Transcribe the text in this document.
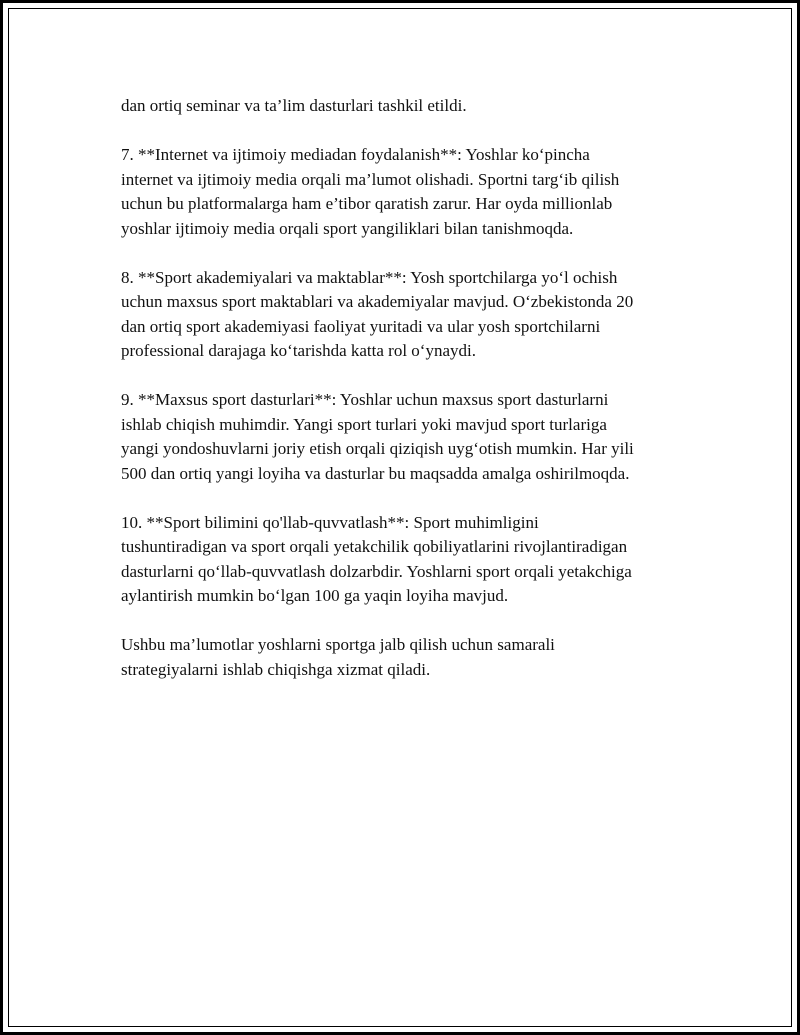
dan ortiq seminar va ta’lim dasturlari tashkil etildi.

7. **Internet va ijtimoiy mediadan foydalanish**: Yoshlar ko‘pincha
internet va ijtimoiy media orqali ma’lumot olishadi. Sportni targ‘ib qilish
uchun bu platformalarga ham e’tibor qaratish zarur. Har oyda millionlab
yoshlar ijtimoiy media orqali sport yangiliklari bilan tanishmoqda.

8. **Sport akademiyalari va maktablar**: Yosh sportchilarga yo‘l ochish
uchun maxsus sport maktablari va akademiyalar mavjud. O‘zbekistonda 20
dan ortiq sport akademiyasi faoliyat yuritadi va ular yosh sportchilarni
professional darajaga ko‘tarishda katta rol o‘ynaydi.

9. **Maxsus sport dasturlari**: Yoshlar uchun maxsus sport dasturlarni
ishlab chiqish muhimdir. Yangi sport turlari yoki mavjud sport turlariga
yangi yondoshuvlarni joriy etish orqali qiziqish uyg‘otish mumkin. Har yili
500 dan ortiq yangi loyiha va dasturlar bu maqsadda amalga oshirilmoqda.

10. **Sport bilimini qo'llab-quvvatlash**: Sport muhimligini
tushuntiradigan va sport orqali yetakchilik qobiliyatlarini rivojlantiradigan
dasturlarni qo‘llab-quvvatlash dolzarbdir. Yoshlarni sport orqali yetakchiga
aylantirish mumkin bo‘lgan 100 ga yaqin loyiha mavjud.

Ushbu ma’lumotlar yoshlarni sportga jalb qilish uchun samarali
strategiyalarni ishlab chiqishga xizmat qiladi.
